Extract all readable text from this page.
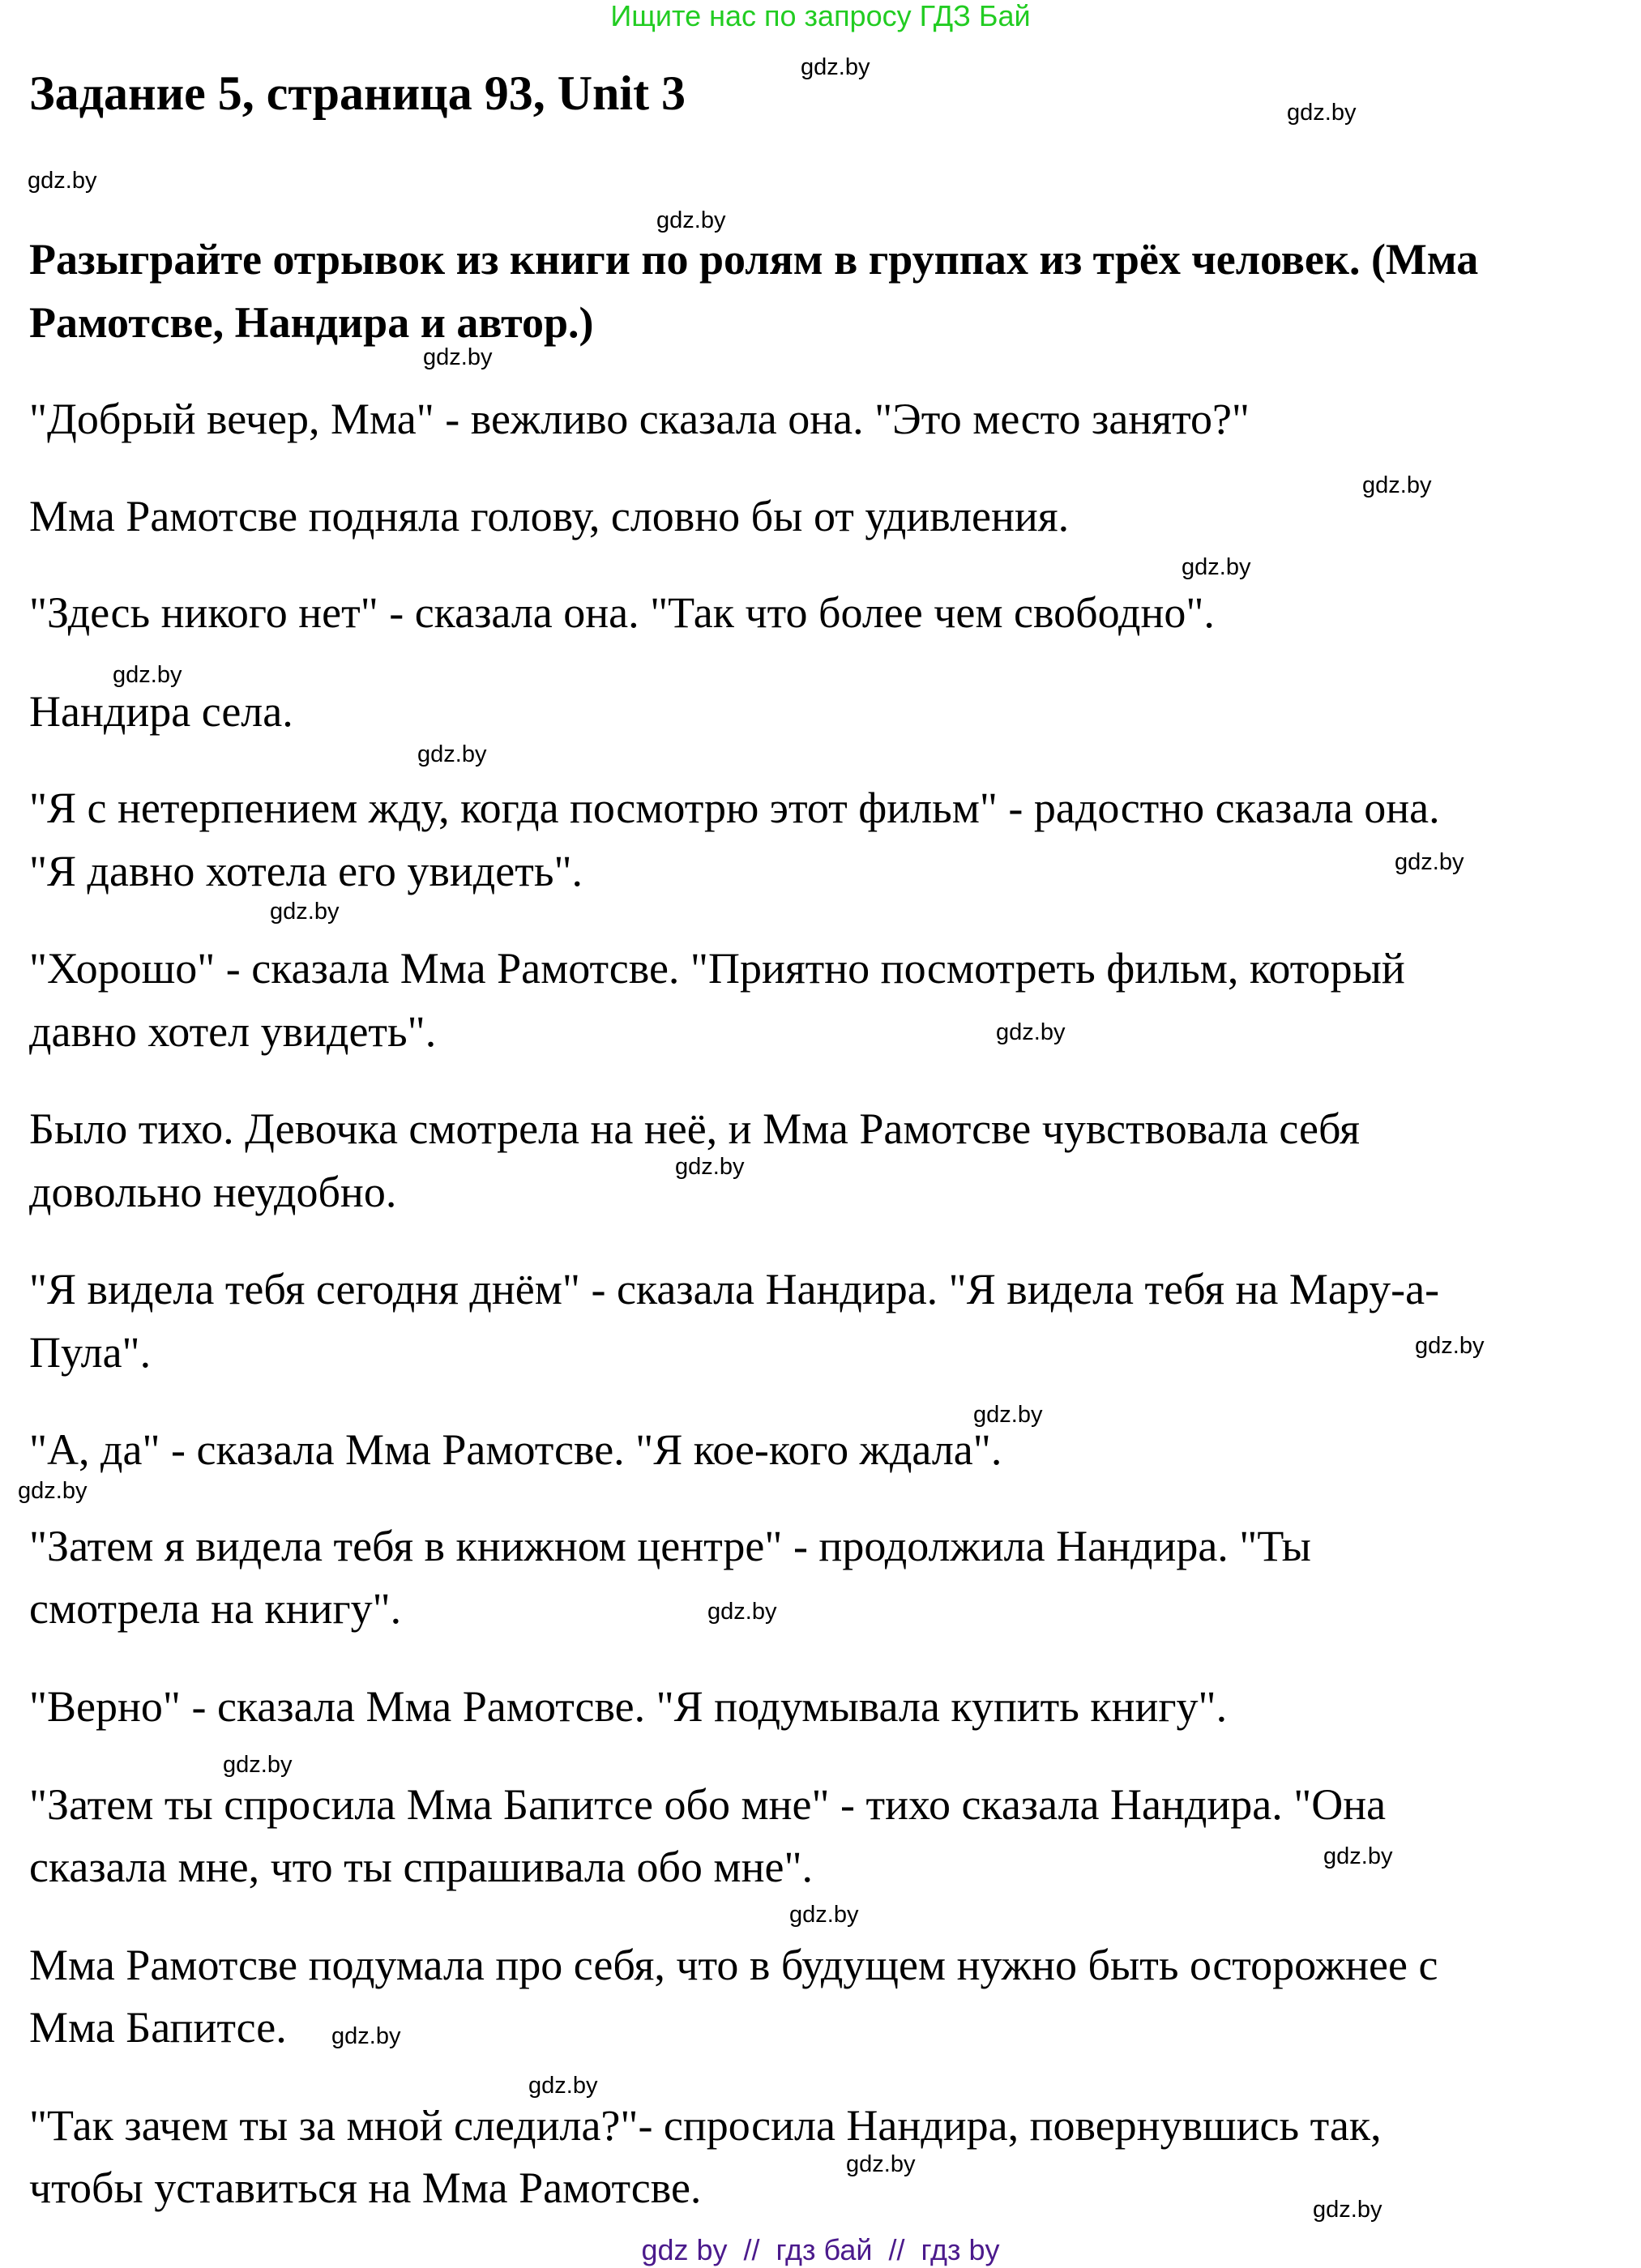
Ищите нас по запросу ГДЗ Бай
Задание 5, страница 93, Unit 3
Разыграйте отрывок из книги по ролям в группах из трёх человек. (Мма
Рамотсве, Нандира и автор.)
"Добрый вечер, Мма" - вежливо сказала она. "Это место занято?"
Мма Рамотсве подняла голову, словно бы от удивления.
"Здесь никого нет" - сказала она. "Так что более чем свободно".
Нандира села.
"Я с нетерпением жду, когда посмотрю этот фильм" - радостно сказала она.
"Я давно хотела его увидеть".
"Хорошо" - сказала Мма Рамотсве. "Приятно посмотреть фильм, который
давно хотел увидеть".
Было тихо. Девочка смотрела на неё, и Мма Рамотсве чувствовала себя
довольно неудобно.
"Я видела тебя сегодня днём" - сказала Нандира. "Я видела тебя на Мару-а-
Пула".
"А, да" - сказала Мма Рамотсве. "Я кое-кого ждала".
"Затем я видела тебя в книжном центре" - продолжила Нандира. "Ты
смотрела на книгу".
"Верно" - сказала Мма Рамотсве. "Я подумывала купить книгу".
"Затем ты спросила Мма Бапитсе обо мне" - тихо сказала Нандира. "Она
сказала мне, что ты спрашивала обо мне".
Мма Рамотсве подумала про себя, что в будущем нужно быть осторожнее с
Мма Бапитсе.
"Так зачем ты за мной следила?"- спросила Нандира, повернувшись так,
чтобы уставиться на Мма Рамотсве.
gdz.by
gdz.by
gdz.by
gdz.by
gdz.by
gdz.by
gdz.by
gdz.by
gdz.by
gdz.by
gdz.by
gdz.by
gdz.by
gdz.by
gdz.by
gdz.by
gdz.by
gdz.by
gdz.by
gdz.by
gdz.by
gdz.by
gdz.by
gdz.by
gdz by  //  гдз бай  //  гдз by
